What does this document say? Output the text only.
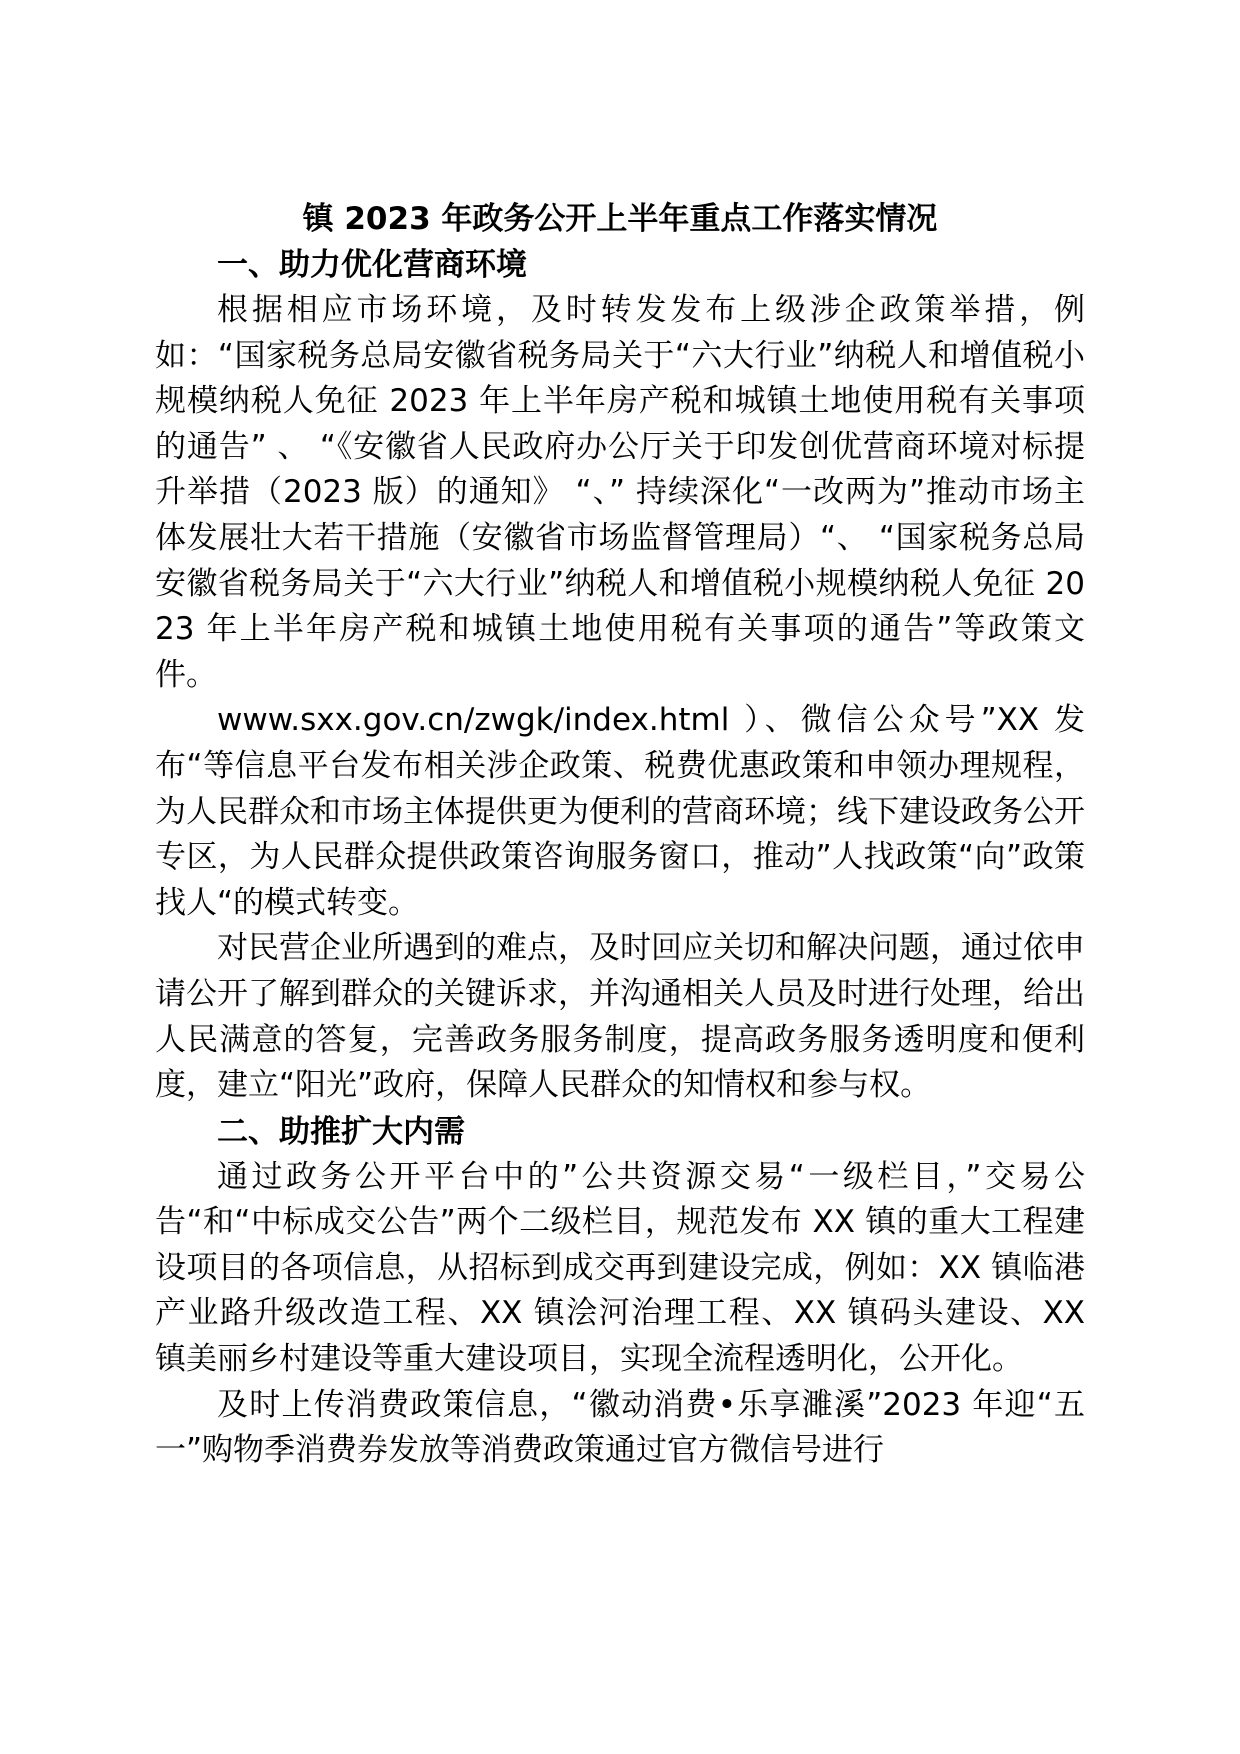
镇 2023 年政务公开上半年重点工作落实情况
一、助力优化营商环境

根据相应市场环境，及时转发发布上级涉企政策举措，例如：“国家税务总局安徽省税务局关于“六大行业”纳税人和增值税小规模纳税人免征 2023 年上半年房产税和城镇土地使用税有关事项的通告” 、 “《安徽省人民政府办公厅关于印发创优营商环境对标提升举措（2023 版）的通知》 “、” 持续深化“一改两为”推动市场主体发展壮大若干措施（安徽省市场监督管理局）“、 “国家税务总局安徽省税务局关于“六大行业”纳税人和增值税小规模纳税人免征 2023 年上半年房产税和城镇土地使用税有关事项的通告”等政策文件。

www.sxx.gov.cn/zwgk/index.html ）、微信公众号”XX 发布“等信息平台发布相关涉企政策、税费优惠政策和申领办理规程，为人民群众和市场主体提供更为便利的营商环境；线下建设政务公开专区，为人民群众提供政策咨询服务窗口，推动”人找政策“向”政策找人“的模式转变。

对民营企业所遇到的难点，及时回应关切和解决问题，通过依申请公开了解到群众的关键诉求，并沟通相关人员及时进行处理，给出人民满意的答复，完善政务服务制度，提高政务服务透明度和便利度，建立“阳光”政府，保障人民群众的知情权和参与权。

二、助推扩大内需

通过政务公开平台中的”公共资源交易“一级栏目，”交易公告“和“中标成交公告”两个二级栏目，规范发布 XX 镇的重大工程建设项目的各项信息，从招标到成交再到建设完成，例如：XX 镇临港产业路升级改造工程、XX 镇浍河治理工程、XX 镇码头建设、XX 镇美丽乡村建设等重大建设项目，实现全流程透明化，公开化。

及时上传消费政策信息，“徽动消费•乐享濉溪”2023 年迎“五一”购物季消费券发放等消费政策通过官方微信号进行
